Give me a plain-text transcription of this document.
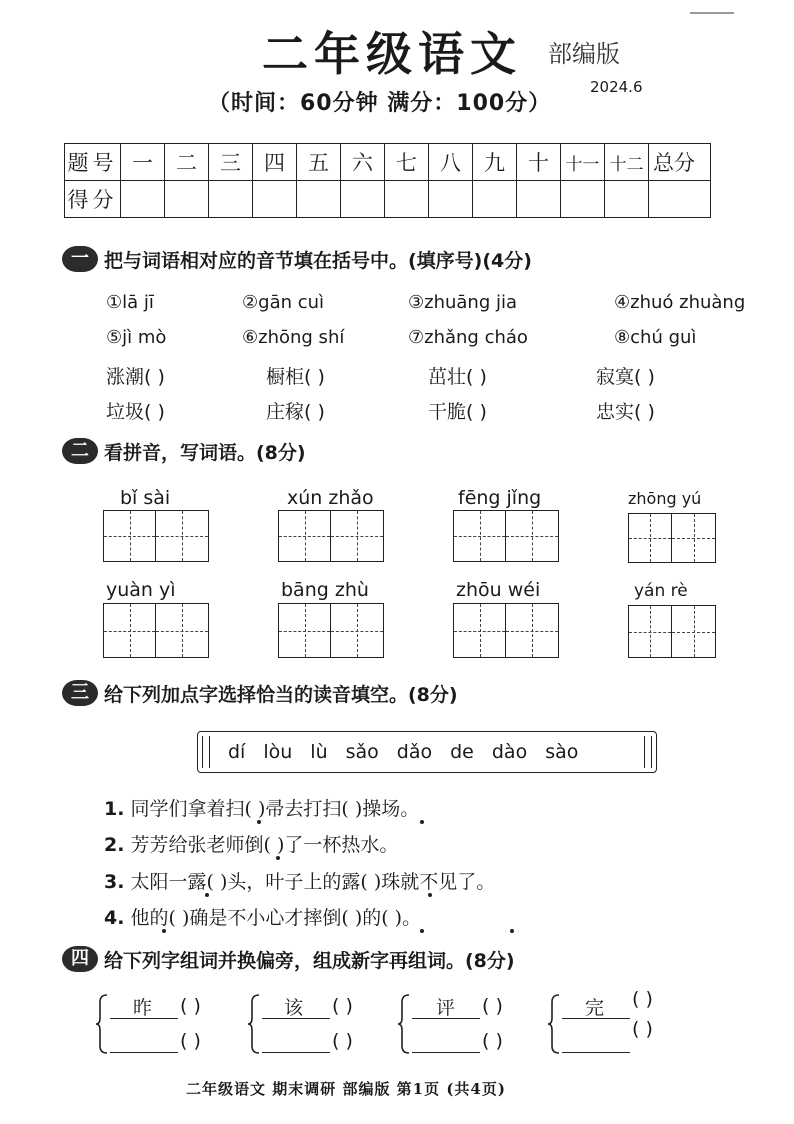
二年级语文 部编版
2024.6
（时间：60分钟 满分：100分）
题号	一	二	三	四	五	六	七	八	九	十	十一	十二	总分
得分													
一 把与词语相对应的音节填在括号中。(填序号)(4分)
①lā jī	②gān cuì	③zhuāng jia	④zhuó zhuàng
⑤jì mò	⑥zhōng shí	⑦zhǎng cháo	⑧chú guì
涨潮( )	橱柜( )	茁壮( )	寂寞( )
垃圾( )	庄稼( )	干脆( )	忠实( )
二 看拼音，写词语。(8分)
bǐ sài	xún zhǎo	fēng jǐng	zhōng yú
yuàn yì	bāng zhù	zhōu wéi	yán rè
三 给下列加点字选择恰当的读音填空。(8分)
dí lòu lù sǎo dǎo de dào sào
1. 同学们拿着扫( )帚去打扫( )操场。
2. 芳芳给张老师倒( )了一杯热水。
3. 太阳一露( )头，叶子上的露( )珠就不见了。
4. 他的( )确是不小心才摔倒( )的( )。
四 给下列字组词并换偏旁，组成新字再组词。(8分)
昨 ( )
( )
该 ( )
( )
评 ( )
( )
完 ( )
( )
二年级语文 期末调研 部编版 第1页 (共4页)
